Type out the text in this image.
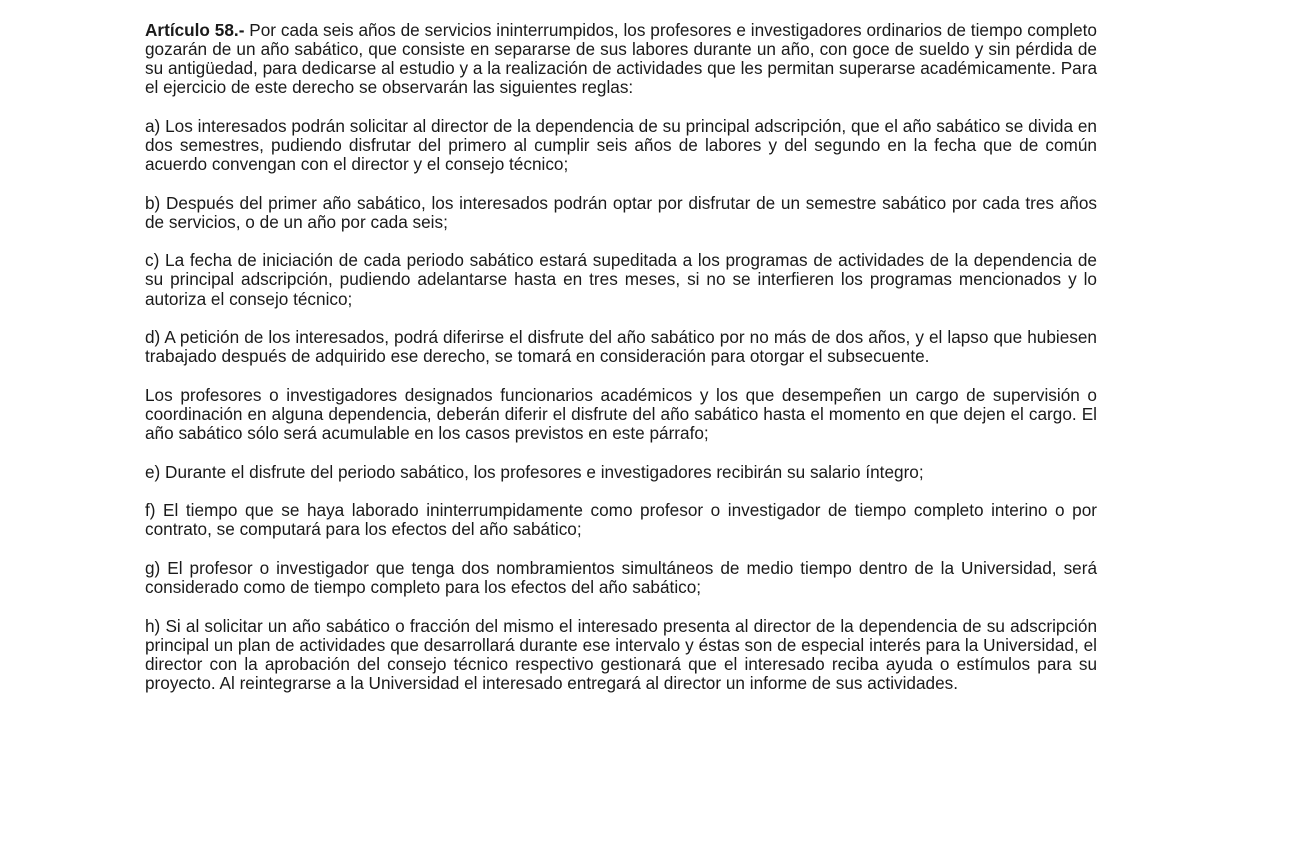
Artículo 58.- Por cada seis años de servicios ininterrumpidos, los profesores e investigadores ordinarios de tiempo completo gozarán de un año sabático, que consiste en separarse de sus labores durante un año, con goce de sueldo y sin pérdida de su antigüedad, para dedicarse al estudio y a la realización de actividades que les permitan superarse académicamente. Para el ejercicio de este derecho se observarán las siguientes reglas:

a) Los interesados podrán solicitar al director de la dependencia de su principal adscripción, que el año sabático se divida en dos semestres, pudiendo disfrutar del primero al cumplir seis años de labores y del segundo en la fecha que de común acuerdo convengan con el director y el consejo técnico;

b) Después del primer año sabático, los interesados podrán optar por disfrutar de un semestre sabático por cada tres años de servicios, o de un año por cada seis;

c) La fecha de iniciación de cada periodo sabático estará supeditada a los programas de actividades de la dependencia de su principal adscripción, pudiendo adelantarse hasta en tres meses, si no se interfieren los programas mencionados y lo autoriza el consejo técnico;

d) A petición de los interesados, podrá diferirse el disfrute del año sabático por no más de dos años, y el lapso que hubiesen trabajado después de adquirido ese derecho, se tomará en consideración para otorgar el subsecuente.

Los profesores o investigadores designados funcionarios académicos y los que desempeñen un cargo de supervisión o coordinación en alguna dependencia, deberán diferir el disfrute del año sabático hasta el momento en que dejen el cargo. El año sabático sólo será acumulable en los casos previstos en este párrafo;

e) Durante el disfrute del periodo sabático, los profesores e investigadores recibirán su salario íntegro;

f) El tiempo que se haya laborado ininterrumpidamente como profesor o investigador de tiempo completo interino o por contrato, se computará para los efectos del año sabático;

g) El profesor o investigador que tenga dos nombramientos simultáneos de medio tiempo dentro de la Universidad, será considerado como de tiempo completo para los efectos del año sabático;

h) Si al solicitar un año sabático o fracción del mismo el interesado presenta al director de la dependencia de su adscripción principal un plan de actividades que desarrollará durante ese intervalo y éstas son de especial interés para la Universidad, el director con la aprobación del consejo técnico respectivo gestionará que el interesado reciba ayuda o estímulos para su proyecto. Al reintegrarse a la Universidad el interesado entregará al director un informe de sus actividades.
